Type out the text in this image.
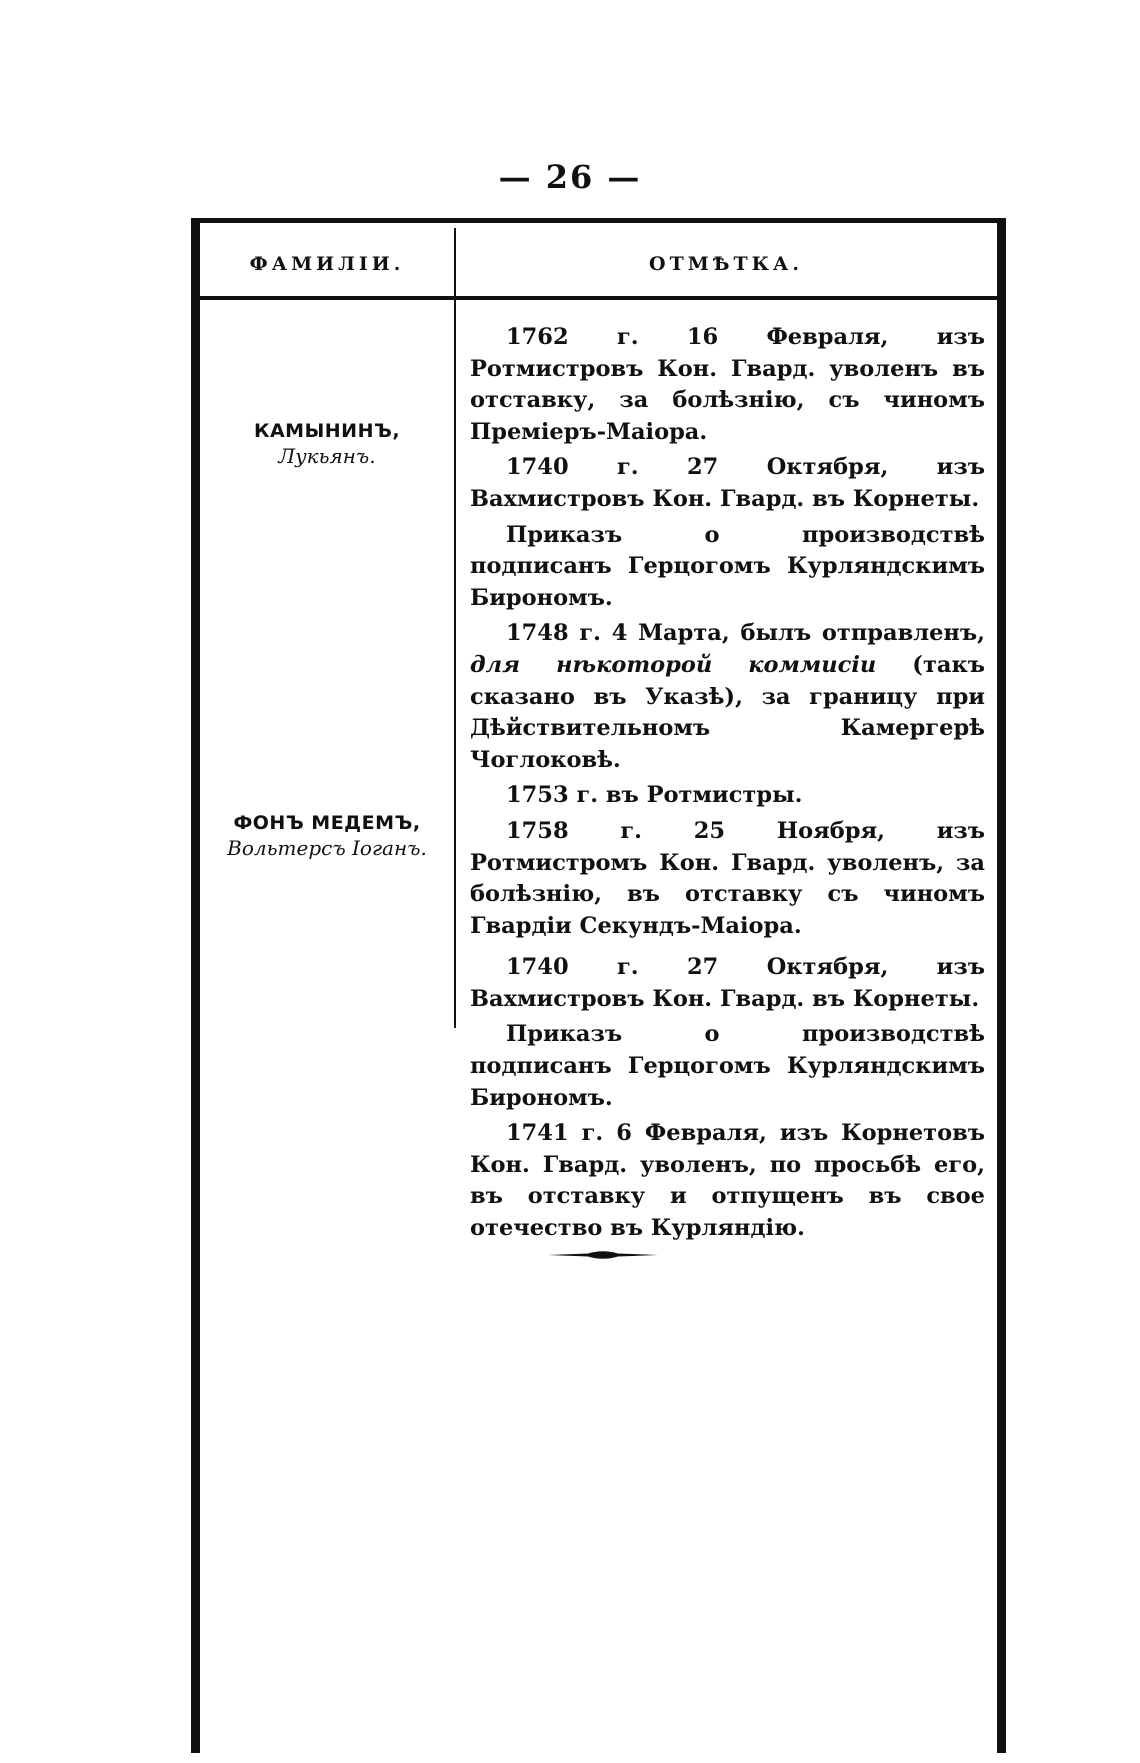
— 26 —
ФАМИЛІИ.	ОТМѢТКА.
КАМЫНИНЪ,
Лукьянъ.
ФОНЪ МЕДЕМЪ,
Вольтерсъ Iоганъ.

1762 г. 16 Февраля, изъ Ротмистровъ Кон. Гвард. уволенъ въ отставку, за болѣзнію, съ чиномъ Премiеръ-Маiора.

1740 г. 27 Октября, изъ Вахмистровъ Кон. Гвард. въ Корнеты.

Приказъ о производствѣ подписанъ Герцогомъ Курляндскимъ Бирономъ.

1748 г. 4 Марта, былъ отправленъ, для нѣкоторой коммисiи (такъ сказано въ Указѣ), за границу при Дѣйствительномъ Камергерѣ Чоглоковѣ.

1753 г. въ Ротмистры.

1758 г. 25 Ноября, изъ Ротмистромъ Кон. Гвард. уволенъ, за болѣзнію, въ отставку съ чиномъ Гвардiи Секундъ-Маiора.

1740 г. 27 Октября, изъ Вахмистровъ Кон. Гвард. въ Корнеты.

Приказъ о производствѣ подписанъ Герцогомъ Курляндскимъ Бирономъ.

1741 г. 6 Февраля, изъ Корнетовъ Кон. Гвард. уволенъ, по просьбѣ его, въ отставку и отпущенъ въ свое отечество въ Курляндiю.
